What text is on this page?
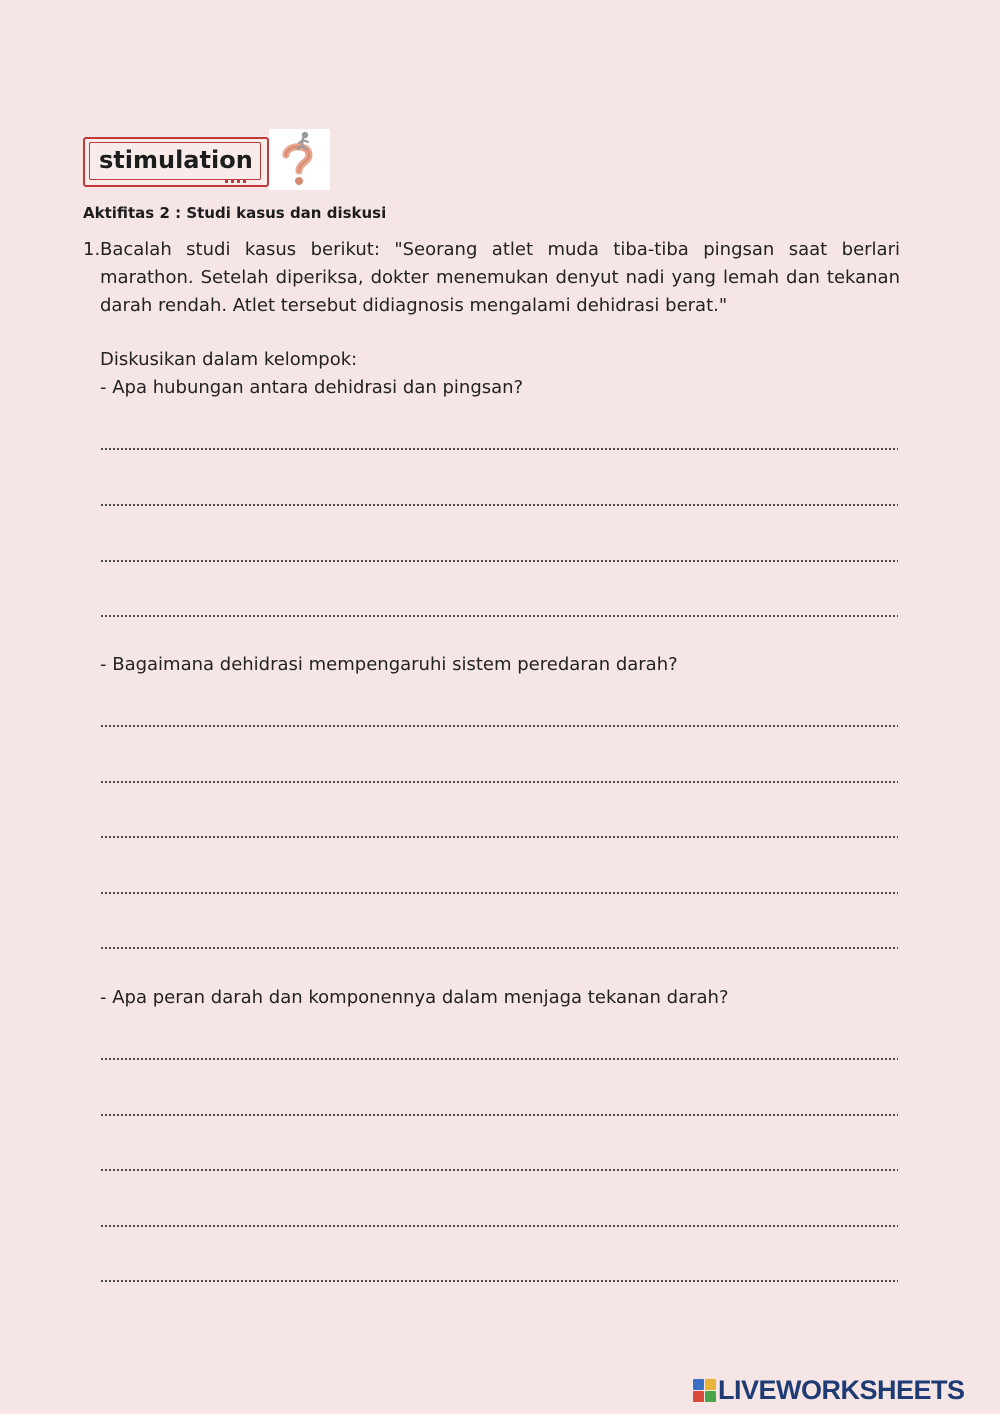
stimulation
Aktifitas 2 : Studi kasus dan diskusi
1. Bacalah studi kasus berikut: "Seorang atlet muda tiba-tiba pingsan saat berlari marathon. Setelah diperiksa, dokter menemukan denyut nadi yang lemah dan tekanan darah rendah. Atlet tersebut didiagnosis mengalami dehidrasi berat."
Diskusikan dalam kelompok:
- Apa hubungan antara dehidrasi dan pingsan?
- Bagaimana dehidrasi mempengaruhi sistem peredaran darah?
- Apa peran darah dan komponennya dalam menjaga tekanan darah?
LIVEWORKSHEETS
